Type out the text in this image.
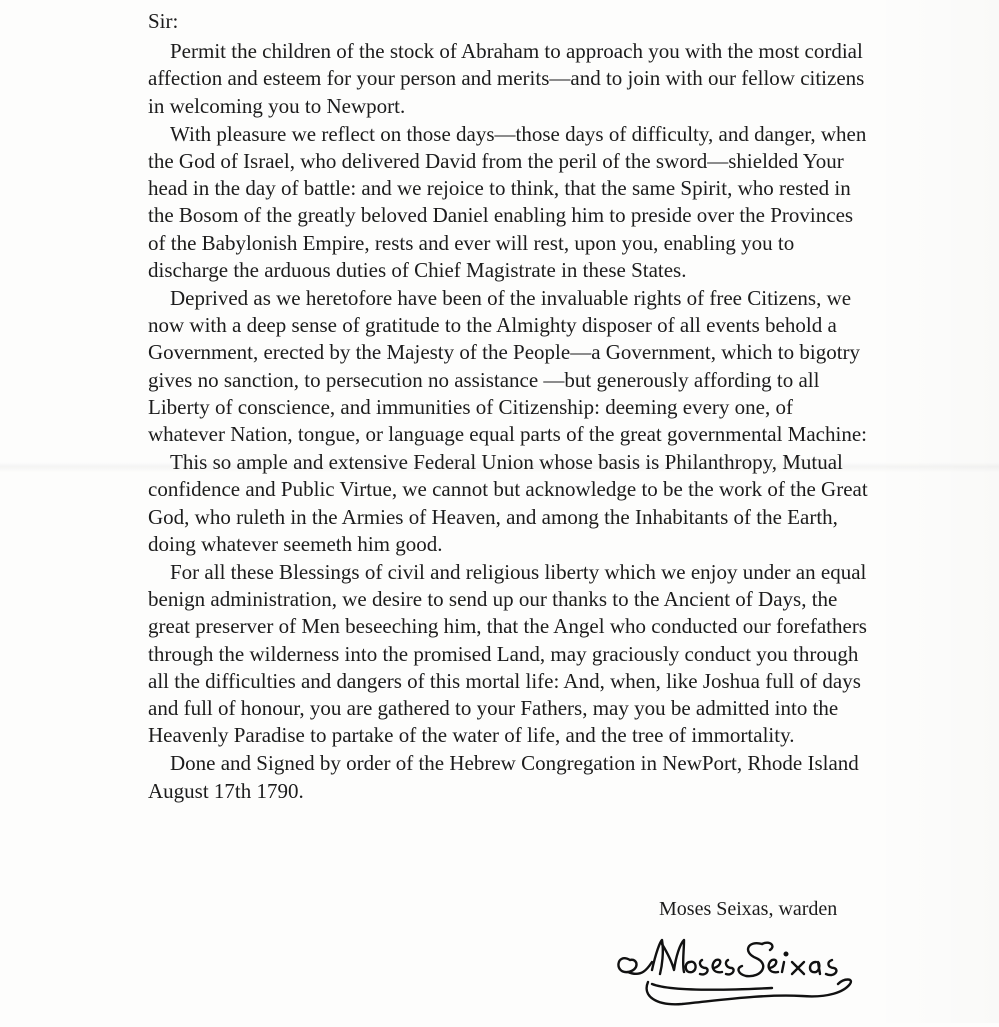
Sir:

Permit the children of the stock of Abraham to approach you with the most cordial affection and esteem for your person and merits—and to join with our fellow citizens in welcoming you to Newport.

With pleasure we reflect on those days—those days of difficulty, and danger, when the God of Israel, who delivered David from the peril of the sword—shielded Your head in the day of battle: and we rejoice to think, that the same Spirit, who rested in the Bosom of the greatly beloved Daniel enabling him to preside over the Provinces of the Babylonish Empire, rests and ever will rest, upon you, enabling you to discharge the arduous duties of Chief Magistrate in these States.

Deprived as we heretofore have been of the invaluable rights of free Citizens, we now with a deep sense of gratitude to the Almighty disposer of all events behold a Government, erected by the Majesty of the People—a Government, which to bigotry gives no sanction, to persecution no assistance —but generously affording to all Liberty of conscience, and immunities of Citizenship: deeming every one, of whatever Nation, tongue, or language equal parts of the great governmental Machine:

This so ample and extensive Federal Union whose basis is Philanthropy, Mutual confidence and Public Virtue, we cannot but acknowledge to be the work of the Great God, who ruleth in the Armies of Heaven, and among the Inhabitants of the Earth, doing whatever seemeth him good.

For all these Blessings of civil and religious liberty which we enjoy under an equal benign administration, we desire to send up our thanks to the Ancient of Days, the great preserver of Men beseeching him, that the Angel who conducted our forefathers through the wilderness into the promised Land, may graciously conduct you through all the difficulties and dangers of this mortal life: And, when, like Joshua full of days and full of honour, you are gathered to your Fathers, may you be admitted into the Heavenly Paradise to partake of the water of life, and the tree of immortality.

Done and Signed by order of the Hebrew Congregation in NewPort, Rhode Island August 17th 1790.

Moses Seixas, warden
